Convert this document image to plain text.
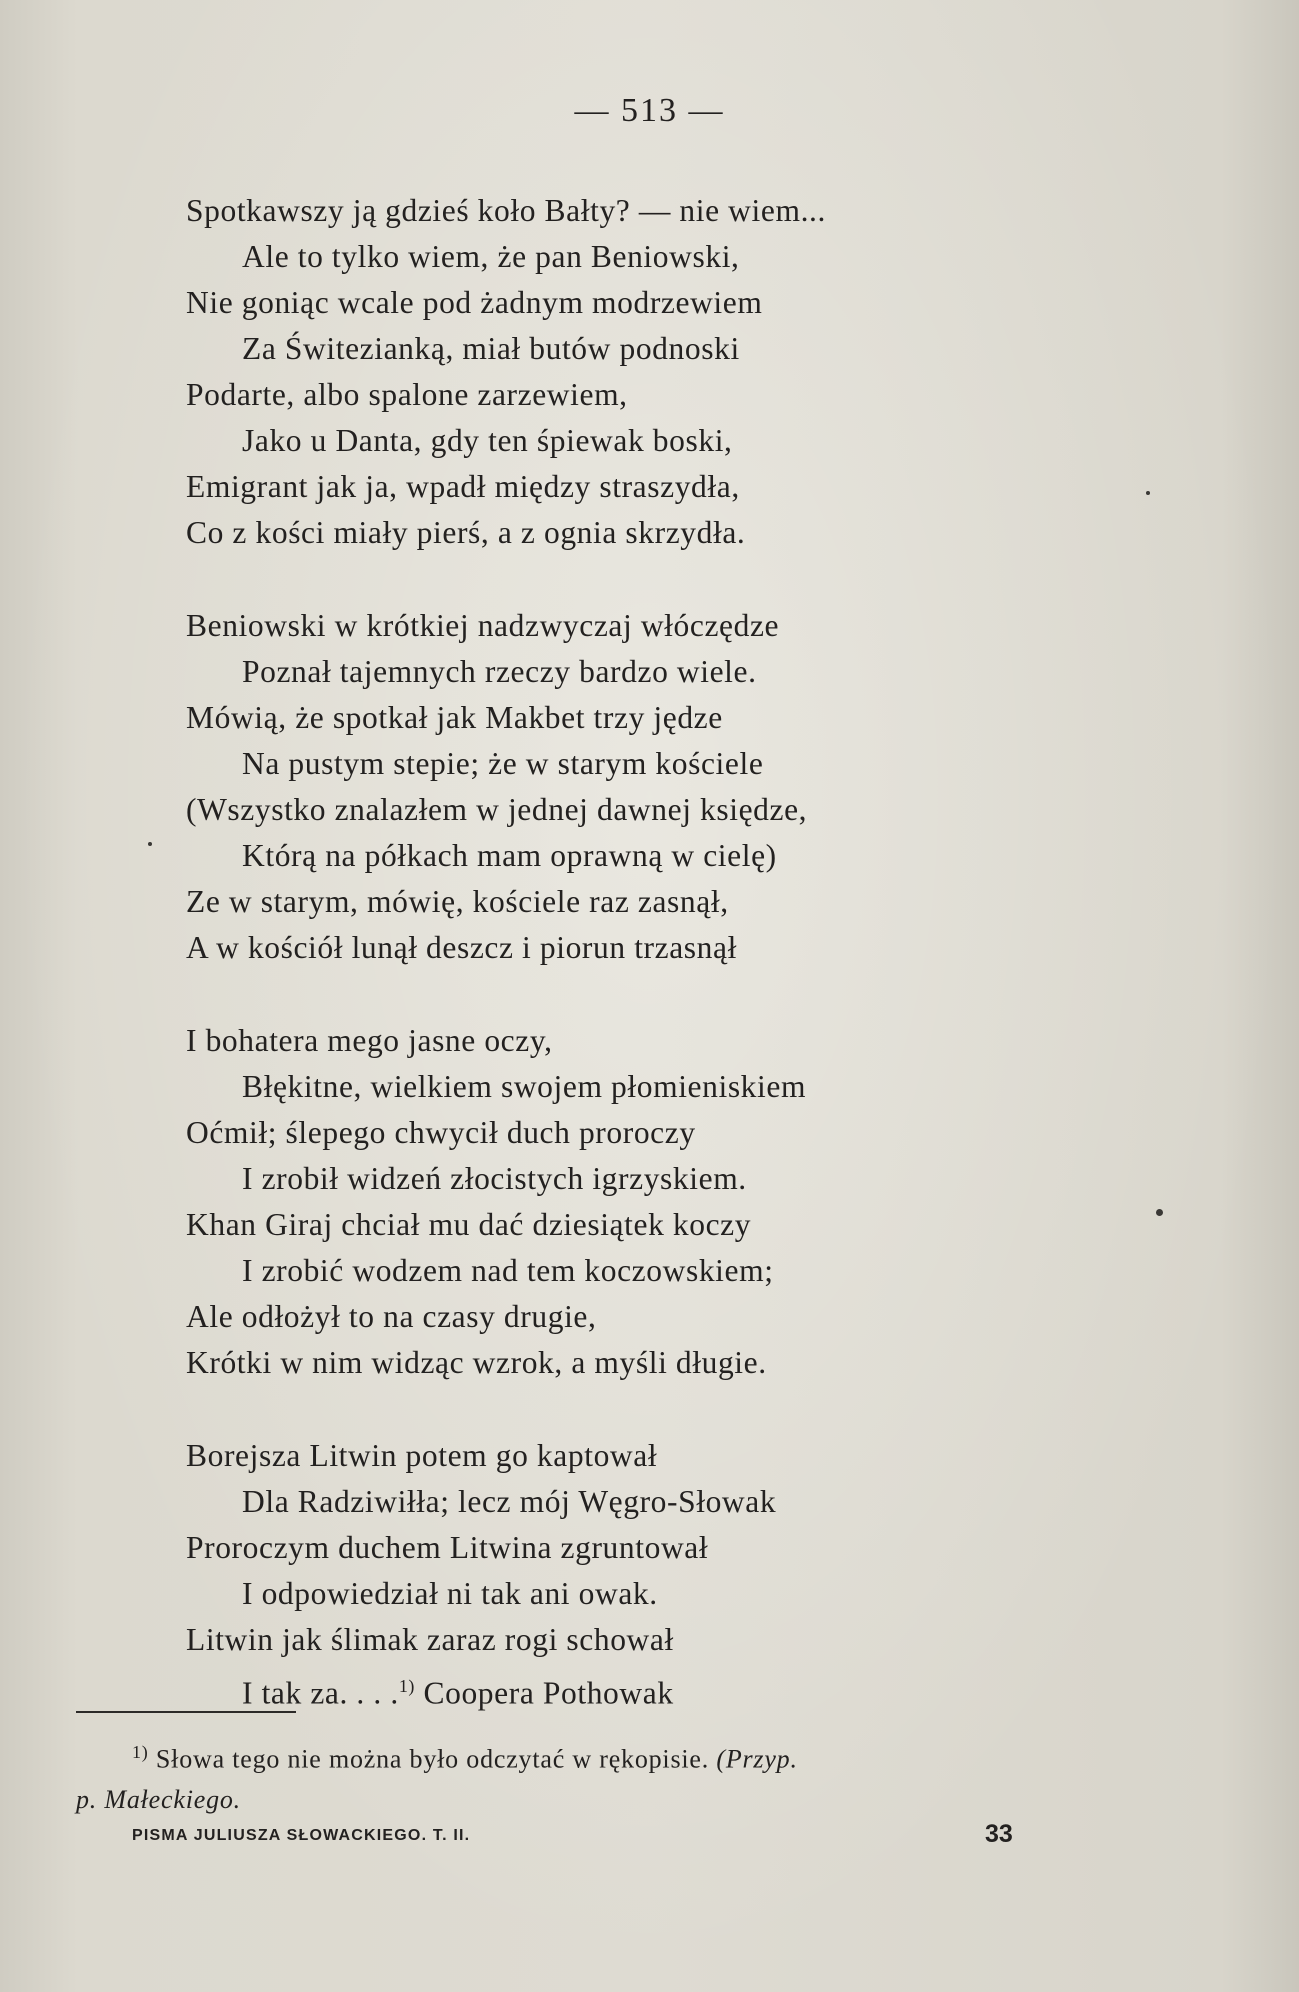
— 513 —
Spotkawszy ją gdzieś koło Bałty? — nie wiem...
Ale to tylko wiem, że pan Beniowski,
Nie goniąc wcale pod żadnym modrzewiem
Za Świtezianką, miał butów podnoski
Podarte, albo spalone zarzewiem,
Jako u Danta, gdy ten śpiewak boski,
Emigrant jak ja, wpadł między straszydła,
Co z kości miały pierś, a z ognia skrzydła.
Beniowski w krótkiej nadzwyczaj włóczędze
Poznał tajemnych rzeczy bardzo wiele.
Mówią, że spotkał jak Makbet trzy jędze
Na pustym stepie; że w starym kościele
(Wszystko znalazłem w jednej dawnej księdze,
Którą na półkach mam oprawną w cielę)
Ze w starym, mówię, kościele raz zasnął,
A w kościół lunął deszcz i piorun trzasnął
I bohatera mego jasne oczy,
Błękitne, wielkiem swojem płomieniskiem
Oćmił; ślepego chwycił duch proroczy
I zrobił widzeń złocistych igrzyskiem.
Khan Giraj chciał mu dać dziesiątek koczy
I zrobić wodzem nad tem koczowskiem;
Ale odłożył to na czasy drugie,
Krótki w nim widząc wzrok, a myśli długie.
Borejsza Litwin potem go kaptował
Dla Radziwiłła; lecz mój Węgro-Słowak
Proroczym duchem Litwina zgruntował
I odpowiedział ni tak ani owak.
Litwin jak ślimak zaraz rogi schował
I tak za. . . .$^{1)}$ Coopera Pothowak
$^{1)}$ Słowa tego nie można było odczytać w rękopisie. (Przyp.
p. Małeckiego.
PISMA JULIUSZA SŁOWACKIEGO. T. II.	33
